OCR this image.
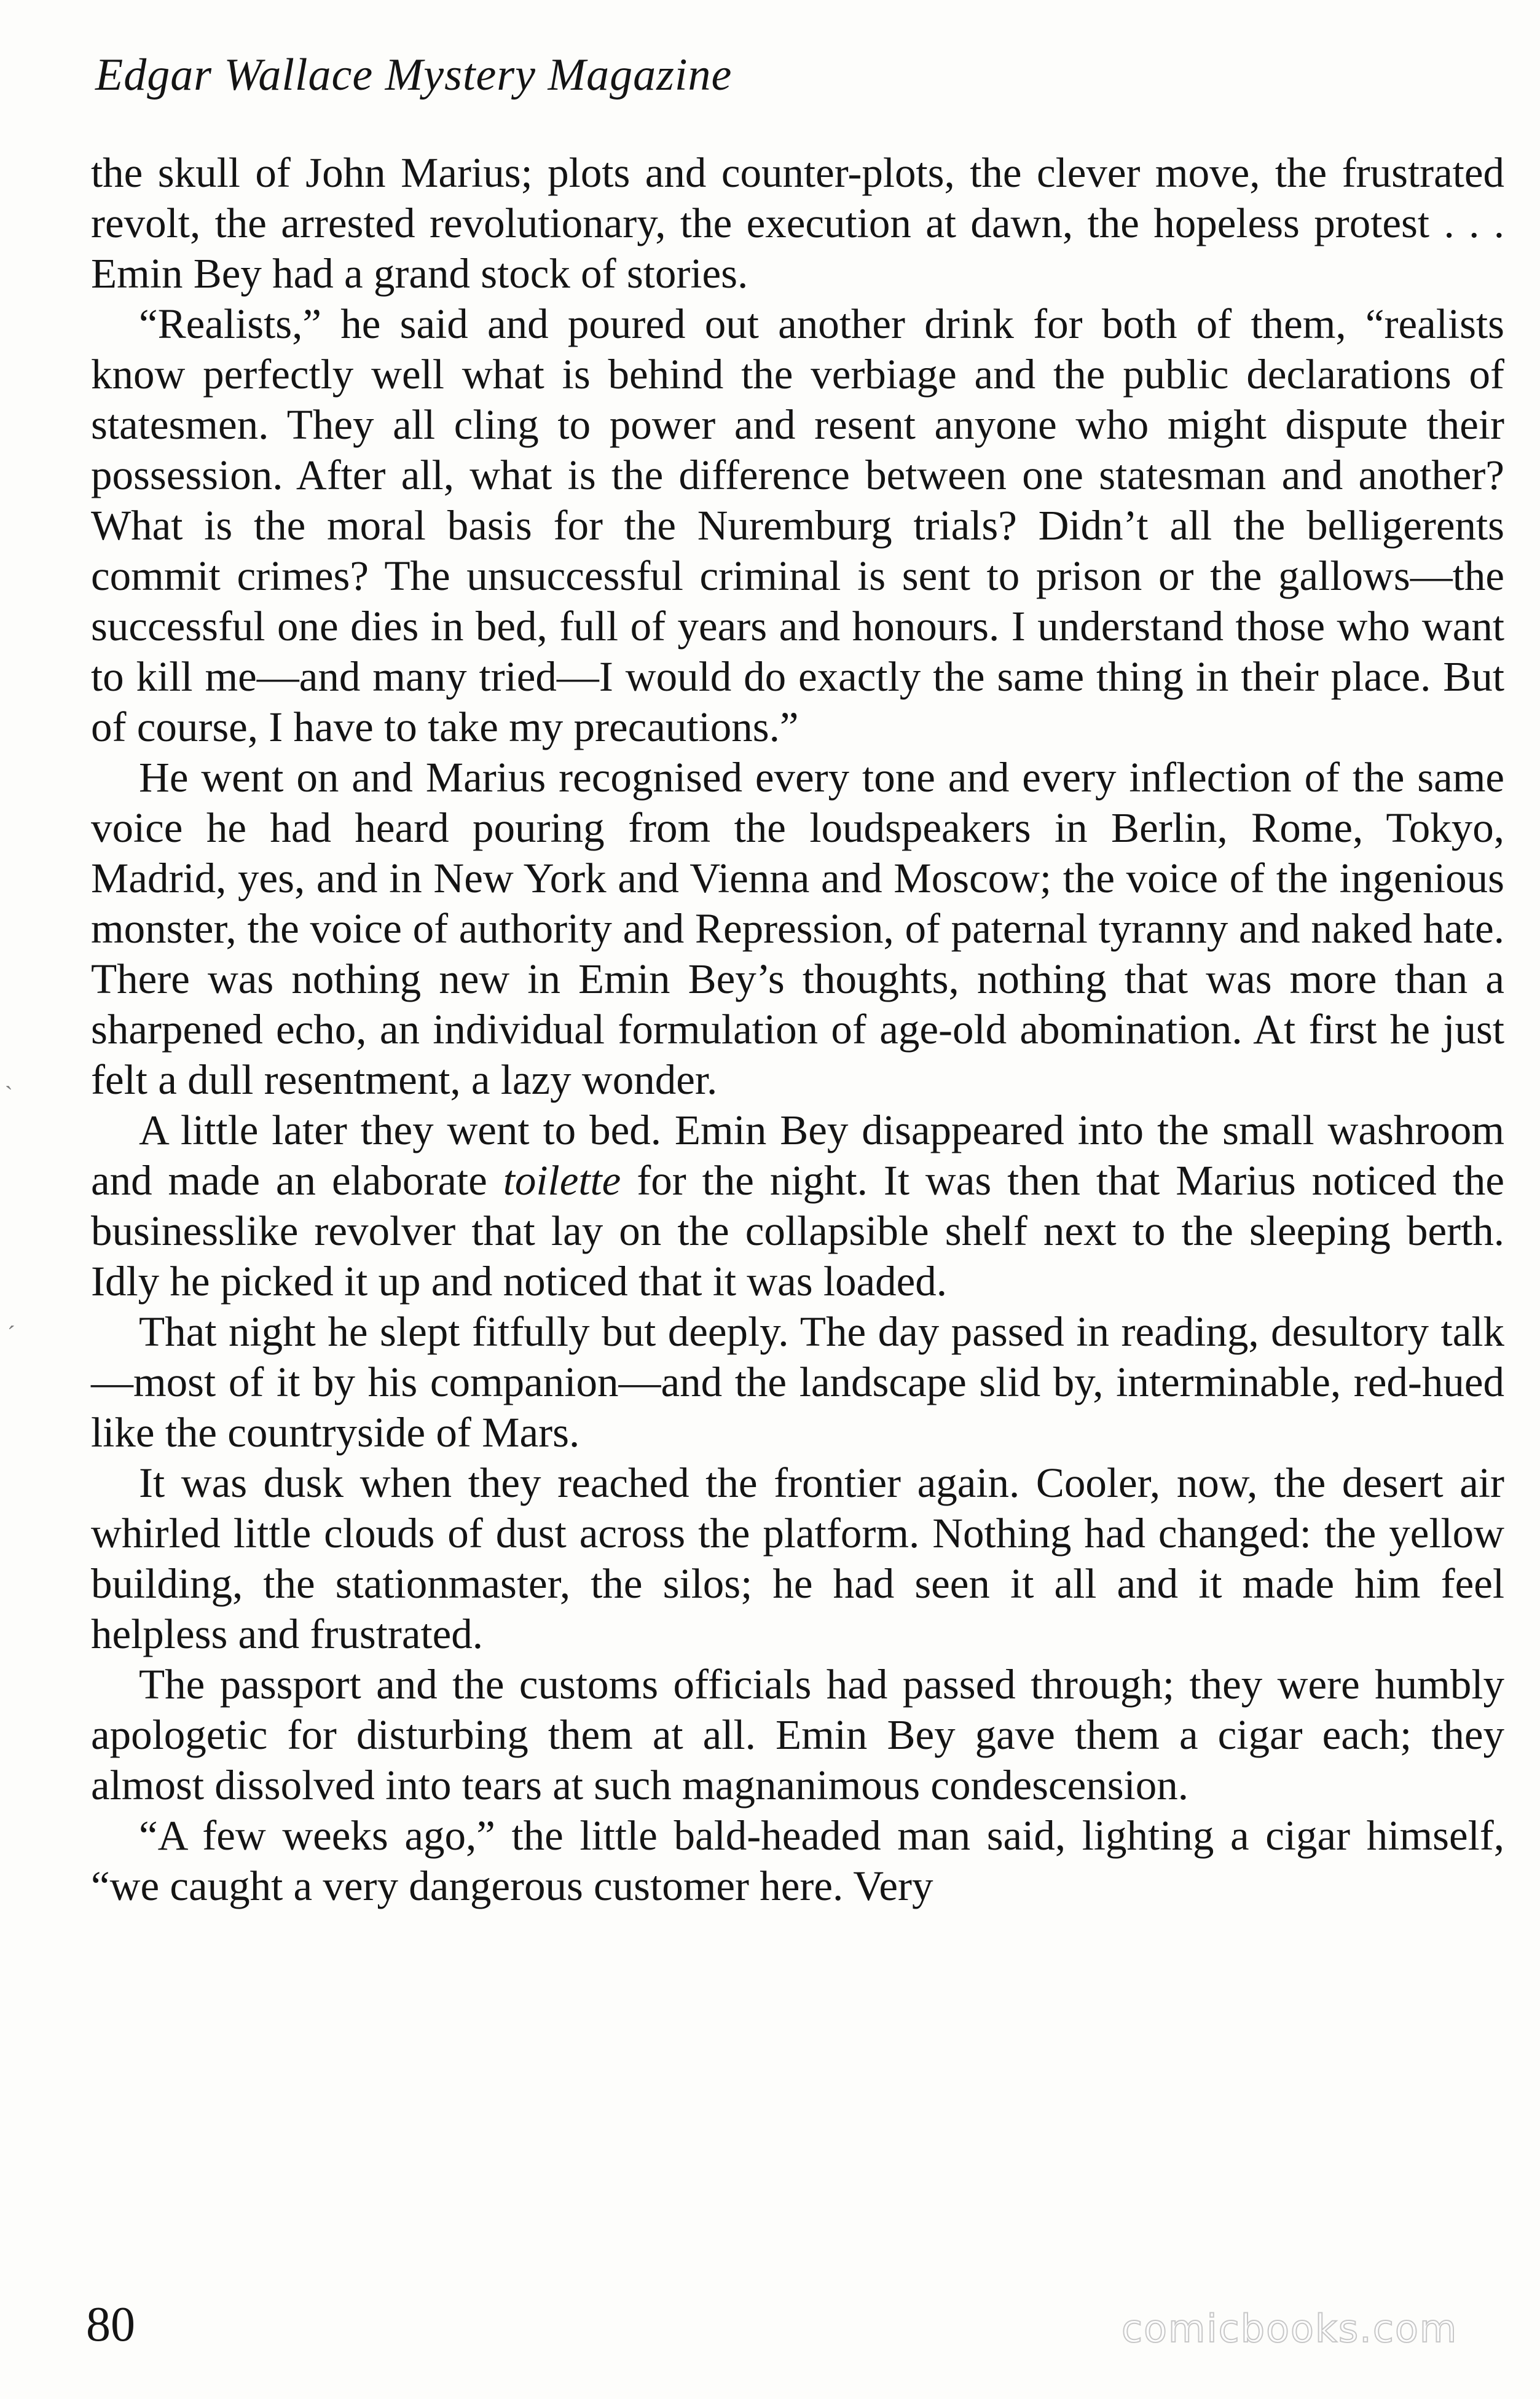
Edgar Wallace Mystery Magazine

the skull of John Marius; plots and counter-plots, the clever move, the frustrated revolt, the arrested revolutionary, the execution at dawn, the hopeless protest . . . Emin Bey had a grand stock of stories.

“Realists,” he said and poured out another drink for both of them, “realists know perfectly well what is behind the verbiage and the public declarations of statesmen. They all cling to power and resent anyone who might dispute their possession. After all, what is the difference between one statesman and another? What is the moral basis for the Nuremburg trials? Didn’t all the belligerents commit crimes? The unsuccessful criminal is sent to prison or the gallows—the successful one dies in bed, full of years and honours. I understand those who want to kill me—and many tried—I would do exactly the same thing in their place. But of course, I have to take my precautions.”

He went on and Marius recognised every tone and every inflection of the same voice he had heard pouring from the loudspeakers in Berlin, Rome, Tokyo, Madrid, yes, and in New York and Vienna and Moscow; the voice of the ingenious monster, the voice of authority and Repression, of paternal tyranny and naked hate. There was nothing new in Emin Bey’s thoughts, nothing that was more than a sharpened echo, an individual formulation of age-old abomination. At first he just felt a dull resentment, a lazy wonder.

A little later they went to bed. Emin Bey disappeared into the small washroom and made an elaborate toilette for the night. It was then that Marius noticed the businesslike revolver that lay on the collapsible shelf next to the sleeping berth. Idly he picked it up and noticed that it was loaded.

That night he slept fitfully but deeply. The day passed in reading, desultory talk—most of it by his companion—and the landscape slid by, interminable, red-hued like the countryside of Mars.

It was dusk when they reached the frontier again. Cooler, now, the desert air whirled little clouds of dust across the platform. Nothing had changed: the yellow building, the stationmaster, the silos; he had seen it all and it made him feel helpless and frustrated.

The passport and the customs officials had passed through; they were humbly apologetic for disturbing them at all. Emin Bey gave them a cigar each; they almost dissolved into tears at such magnanimous condescension.

“A few weeks ago,” the little bald-headed man said, lighting a cigar himself, “we caught a very dangerous customer here. Very

ˋ
ˊ
80	comicbooks.com
